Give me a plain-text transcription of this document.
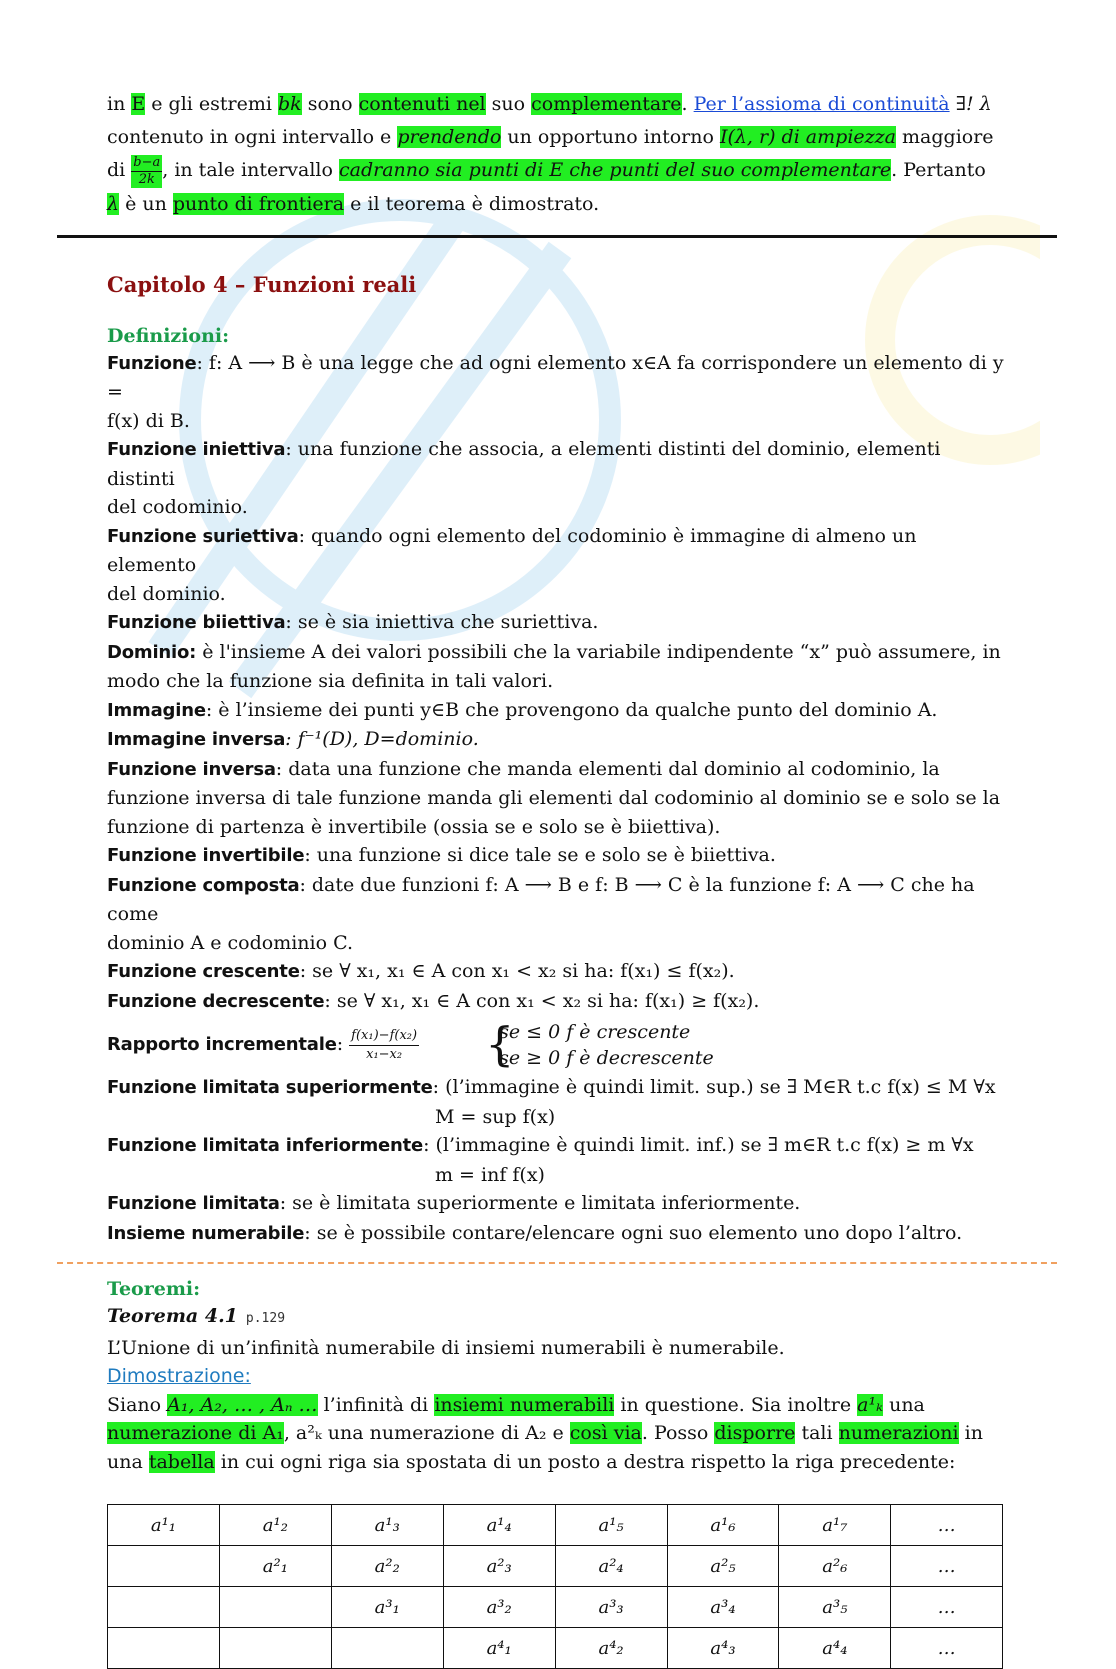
in E e gli estremi bk sono contenuti nel suo complementare. Per l’assioma di continuità ∃! λ

contenuto in ogni intervallo e prendendo un opportuno intorno I(λ, r) di ampiezza maggiore

di $\frac{b-a}{2k}$ , in tale intervallo cadranno sia punti di E che punti del suo complementare. Pertanto

λ è un punto di frontiera e il teorema è dimostrato.

Capitolo 4 – Funzioni reali
Definizioni:

Funzione: f: A ⟶ B è una legge che ad ogni elemento x∈A fa corrispondere un elemento di y =

f(x) di B.

Funzione iniettiva: una funzione che associa, a elementi distinti del dominio, elementi distinti

del codominio.

Funzione suriettiva: quando ogni elemento del codominio è immagine di almeno un elemento

del dominio.

Funzione biiettiva: se è sia iniettiva che suriettiva.

Dominio: è l'insieme A dei valori possibili che la variabile indipendente “x” può assumere, in

modo che la funzione sia definita in tali valori.

Immagine: è l’insieme dei punti y∈B che provengono da qualche punto del dominio A.

Immagine inversa: f⁻¹(D), D=dominio.

Funzione inversa: data una funzione che manda elementi dal dominio al codominio, la

funzione inversa di tale funzione manda gli elementi dal codominio al dominio se e solo se la

funzione di partenza è invertibile (ossia se e solo se è biiettiva).

Funzione invertibile: una funzione si dice tale se e solo se è biiettiva.

Funzione composta: date due funzioni f: A ⟶ B e f: B ⟶ C è la funzione f: A ⟶ C che ha come

dominio A e codominio C.

Funzione crescente: se ∀ x₁, x₁ ∈ A con x₁ < x₂ si ha: f(x₁) ≤ f(x₂).

Funzione decrescente: se ∀ x₁, x₁ ∈ A con x₁ < x₂ si ha: f(x₁) ≥ f(x₂).

Rapporto incrementale: $\frac{\text{f(x₁)−f(x₂)}}{\text{x₁−x₂}}$
	{ se ≤ 0 f è crescente
se ≥ 0 f è decrescente

Funzione limitata superiormente: (l’immagine è quindi limit. sup.) se ∃ M∈R t.c f(x) ≤ M ∀x

M = sup f(x)

Funzione limitata inferiormente: (l’immagine è quindi limit. inf.) se ∃ m∈R t.c f(x) ≥ m ∀x

m = inf f(x)

Funzione limitata: se è limitata superiormente e limitata inferiormente.

Insieme numerabile: se è possibile contare/elencare ogni suo elemento uno dopo l’altro.

Teoremi:

Teorema 4.1 p.129

L’Unione di un’infinità numerabile di insiemi numerabili è numerabile.

Dimostrazione:

Siano A₁, A₂, … , Aₙ … l’infinità di insiemi numerabili in questione. Sia inoltre a¹ₖ una

numerazione di A₁, a²ₖ una numerazione di A₂ e così via. Posso disporre tali numerazioni in

una tabella in cui ogni riga sia spostata di un posto a destra rispetto la riga precedente:

a¹₁	a¹₂	a¹₃	a¹₄	a¹₅	a¹₆	a¹₇	…
	a²₁	a²₂	a²₃	a²₄	a²₅	a²₆	…
		a³₁	a³₂	a³₃	a³₄	a³₅	…
			a⁴₁	a⁴₂	a⁴₃	a⁴₄	…
